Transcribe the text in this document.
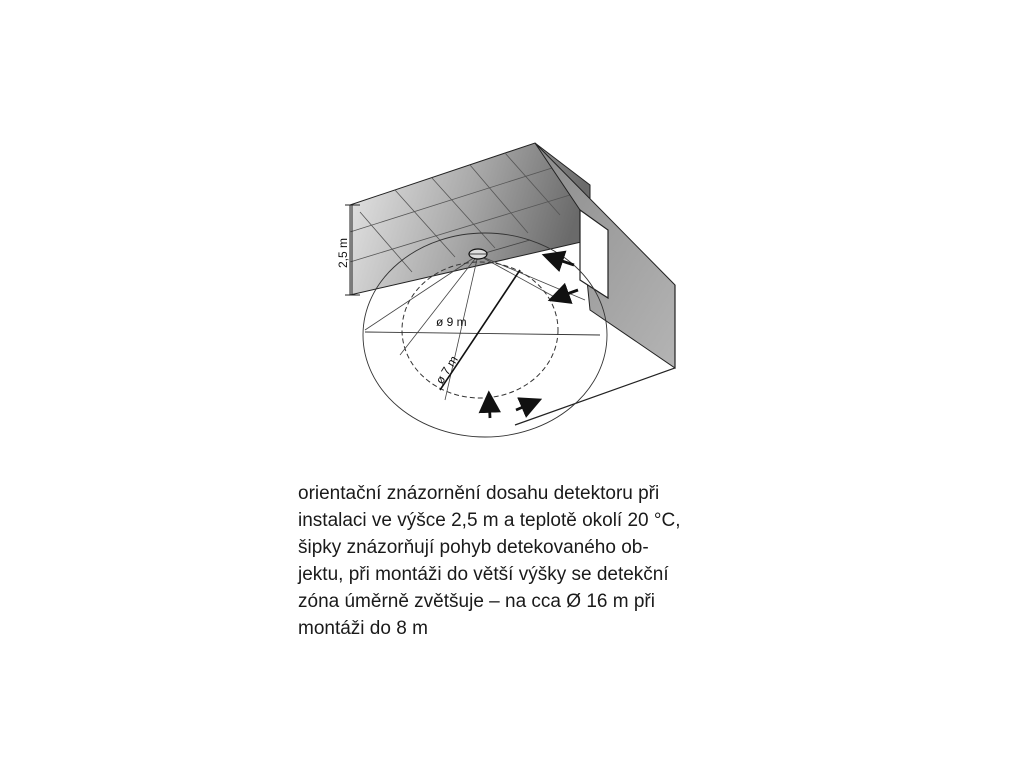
2,5 m
ø 9 m
ø 7 m

orientační znázornění dosahu detektoru při
instalaci ve výšce 2,5 m a teplotě okolí 20 °C,
šipky znázorňují pohyb detekovaného ob-
jektu, při montáži do větší výšky se detekční
zóna úměrně zvětšuje – na cca Ø 16 m při
montáži do 8 m
